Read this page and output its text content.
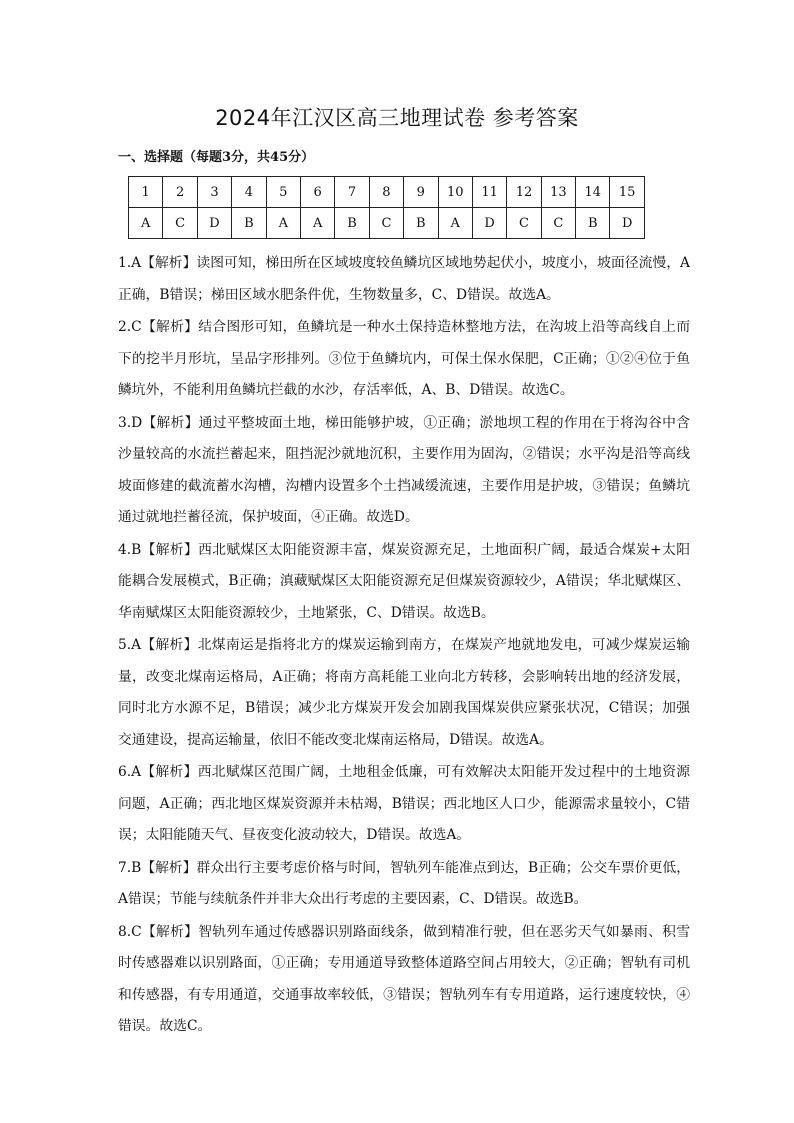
2024年江汉区高三地理试卷 参考答案
一、选择题（每题3分，共45分）
1	2	3	4	5	6	7	8	9	10	11	12	13	14	15
A	C	D	B	A	A	B	C	B	A	D	C	C	B	D

1.A【解析】读图可知，梯田所在区域坡度较鱼鳞坑区域地势起伏小，坡度小，坡面径流慢，A正确，B错误；梯田区域水肥条件优，生物数量多，C、D错误。故选A。

2.C【解析】结合图形可知，鱼鳞坑是一种水土保持造林整地方法，在沟坡上沿等高线自上而下的挖半月形坑，呈品字形排列。③位于鱼鳞坑内，可保土保水保肥，C正确；①②④位于鱼鳞坑外，不能利用鱼鳞坑拦截的水沙，存活率低，A、B、D错误。故选C。

3.D【解析】通过平整坡面土地，梯田能够护坡，①正确；淤地坝工程的作用在于将沟谷中含沙量较高的水流拦蓄起来，阻挡泥沙就地沉积，主要作用为固沟，②错误；水平沟是沿等高线坡面修建的截流蓄水沟槽，沟槽内设置多个土挡减缓流速，主要作用是护坡，③错误；鱼鳞坑通过就地拦蓄径流，保护坡面，④正确。故选D。

4.B【解析】西北赋煤区太阳能资源丰富，煤炭资源充足，土地面积广阔，最适合煤炭+太阳能耦合发展模式，B正确；滇藏赋煤区太阳能资源充足但煤炭资源较少，A错误；华北赋煤区、华南赋煤区太阳能资源较少，土地紧张，C、D错误。故选B。

5.A【解析】北煤南运是指将北方的煤炭运输到南方，在煤炭产地就地发电，可减少煤炭运输量，改变北煤南运格局，A正确；将南方高耗能工业向北方转移，会影响转出地的经济发展，同时北方水源不足，B错误；减少北方煤炭开发会加剧我国煤炭供应紧张状况，C错误；加强交通建设，提高运输量，依旧不能改变北煤南运格局，D错误。故选A。

6.A【解析】西北赋煤区范围广阔，土地租金低廉，可有效解决太阳能开发过程中的土地资源问题，A正确；西北地区煤炭资源并未枯竭，B错误；西北地区人口少，能源需求量较小，C错误；太阳能随天气、昼夜变化波动较大，D错误。故选A。

7.B【解析】群众出行主要考虑价格与时间，智轨列车能准点到达，B正确；公交车票价更低，A错误；节能与续航条件并非大众出行考虑的主要因素，C、D错误。故选B。

8.C【解析】智轨列车通过传感器识别路面线条，做到精准行驶，但在恶劣天气如暴雨、积雪时传感器难以识别路面，①正确；专用通道导致整体道路空间占用较大，②正确；智轨有司机和传感器，有专用通道，交通事故率较低，③错误；智轨列车有专用道路，运行速度较快，④错误。故选C。
